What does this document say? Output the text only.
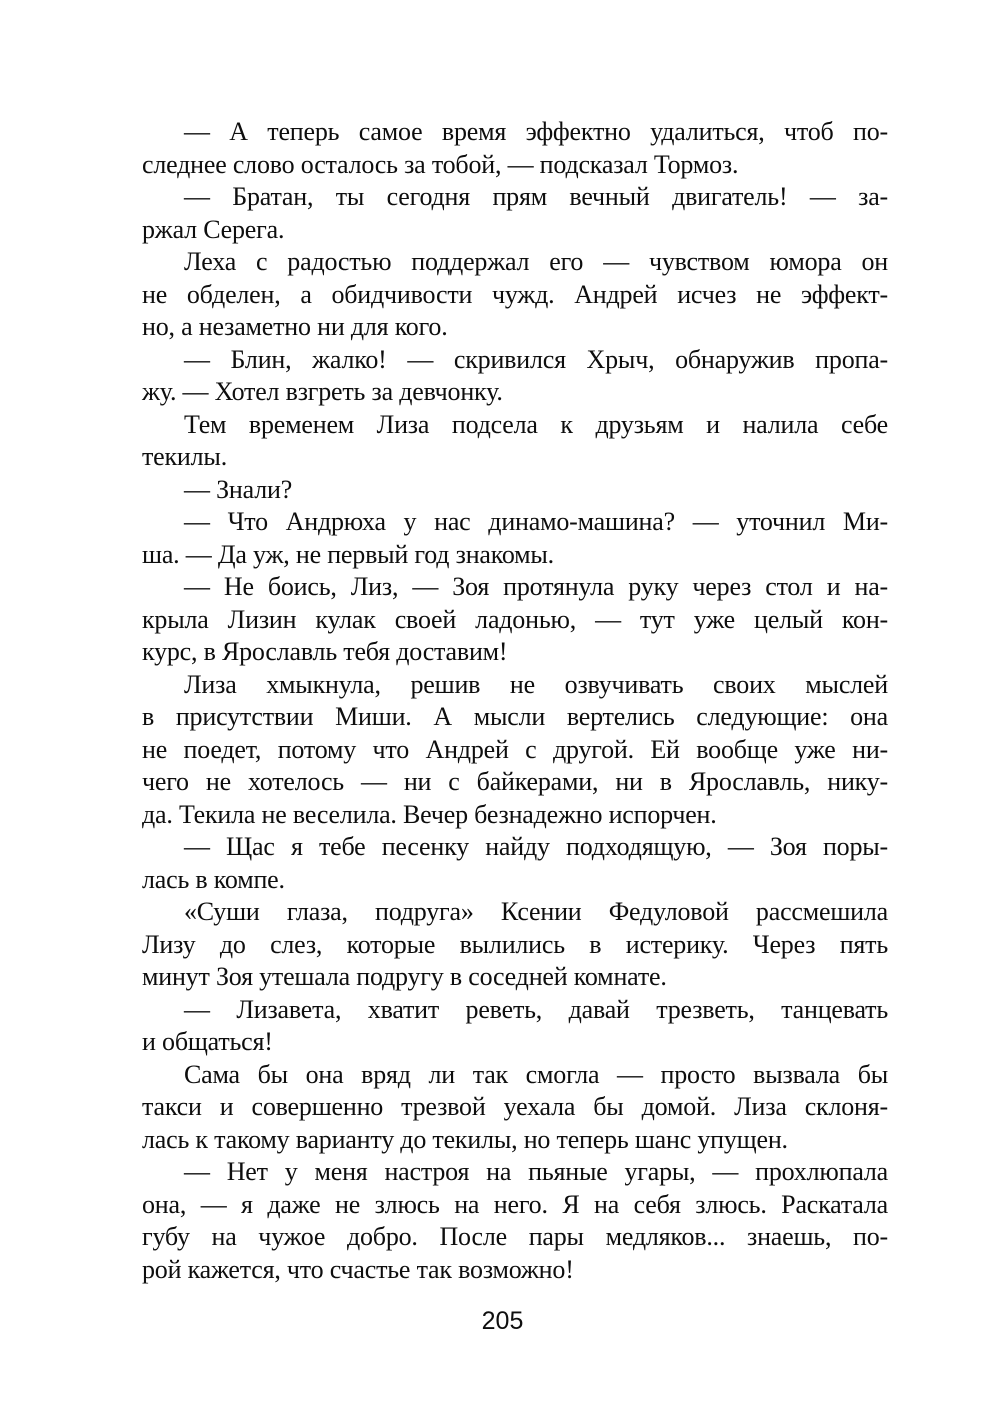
— А теперь самое время эффектно удалиться, чтоб по-
следнее слово осталось за тобой, — подсказал Тормоз.
— Братан, ты сегодня прям вечный двигатель! — за-
ржал Серега.
Леха с радостью поддержал его — чувством юмора он
не обделен, а обидчивости чужд. Андрей исчез не эффект-
но, а незаметно ни для кого.
— Блин, жалко! — скривился Хрыч, обнаружив пропа-
жу. — Хотел взгреть за девчонку.
Тем временем Лиза подсела к друзьям и налила себе
текилы.
— Знали?
— Что Андрюха у нас динамо-машина? — уточнил Ми-
ша. — Да уж, не первый год знакомы.
— Не боись, Лиз, — Зоя протянула руку через стол и на-
крыла Лизин кулак своей ладонью, — тут уже целый кон-
курс, в Ярославль тебя доставим!
Лиза хмыкнула, решив не озвучивать своих мыслей
в присутствии Миши. А мысли вертелись следующие: она
не поедет, потому что Андрей с другой. Ей вообще уже ни-
чего не хотелось — ни с байкерами, ни в Ярославль, нику-
да. Текила не веселила. Вечер безнадежно испорчен.
— Щас я тебе песенку найду подходящую, — Зоя поры-
лась в компе.
«Суши глаза, подруга» Ксении Федуловой рассмешила
Лизу до слез, которые вылились в истерику. Через пять
минут Зоя утешала подругу в соседней комнате.
— Лизавета, хватит реветь, давай трезветь, танцевать
и общаться!
Сама бы она вряд ли так смогла — просто вызвала бы
такси и совершенно трезвой уехала бы домой. Лиза склоня-
лась к такому варианту до текилы, но теперь шанс упущен.
— Нет у меня настроя на пьяные угары, — прохлюпала
она, — я даже не злюсь на него. Я на себя злюсь. Раскатала
губу на чужое добро. После пары медляков... знаешь, по-
рой кажется, что счастье так возможно!
205
